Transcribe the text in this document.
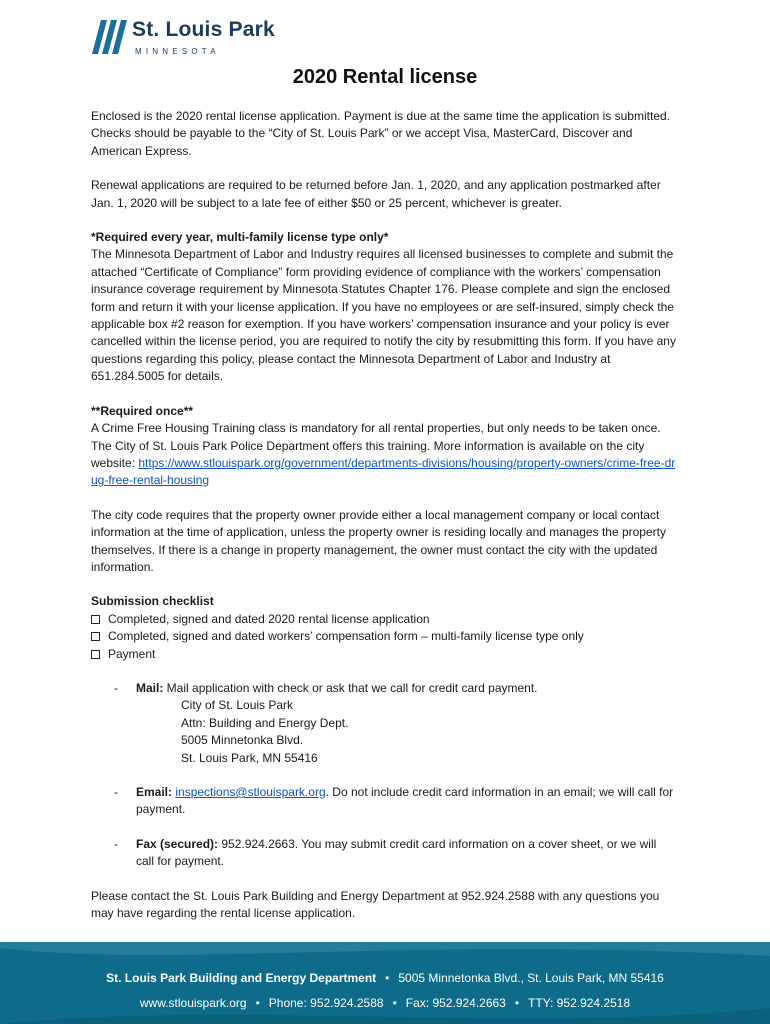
St. Louis Park
MINNESOTA
2020 Rental license

Enclosed is the 2020 rental license application. Payment is due at the same time the application is submitted. Checks should be payable to the “City of St. Louis Park” or we accept Visa, MasterCard, Discover and American Express.

Renewal applications are required to be returned before Jan. 1, 2020, and any application postmarked after Jan. 1, 2020 will be subject to a late fee of either $50 or 25 percent, whichever is greater.

*Required every year, multi-family license type only*
The Minnesota Department of Labor and Industry requires all licensed businesses to complete and submit the attached “Certificate of Compliance” form providing evidence of compliance with the workers’ compensation insurance coverage requirement by Minnesota Statutes Chapter 176. Please complete and sign the enclosed form and return it with your license application. If you have no employees or are self-insured, simply check the applicable box #2 reason for exemption. If you have workers’ compensation insurance and your policy is ever cancelled within the license period, you are required to notify the city by resubmitting this form. If you have any questions regarding this policy, please contact the Minnesota Department of Labor and Industry at 651.284.5005 for details.

**Required once**
A Crime Free Housing Training class is mandatory for all rental properties, but only needs to be taken once. The City of St. Louis Park Police Department offers this training. More information is available on the city website: https://www.stlouispark.org/government/departments-divisions/housing/property-owners/crime-free-drug-free-rental-housing

The city code requires that the property owner provide either a local management company or local contact information at the time of application, unless the property owner is residing locally and manages the property themselves. If there is a change in property management, the owner must contact the city with the updated information.

Submission checklist
Completed, signed and dated 2020 rental license application
Completed, signed and dated workers’ compensation form – multi-family license type only
Payment
- Mail: Mail application with check or ask that we call for credit card payment.
City of St. Louis Park
Attn: Building and Energy Dept.
5005 Minnetonka Blvd.
St. Louis Park, MN 55416
- Email: inspections@stlouispark.org. Do not include credit card information in an email; we will call for payment.
- Fax (secured): 952.924.2663. You may submit credit card information on a cover sheet, or we will call for payment.

Please contact the St. Louis Park Building and Energy Department at 952.924.2588 with any questions you may have regarding the rental license application.

St. Louis Park Building and Energy Department • 5005 Minnetonka Blvd., St. Louis Park, MN 55416
www.stlouispark.org • Phone: 952.924.2588 • Fax: 952.924.2663 • TTY: 952.924.2518
